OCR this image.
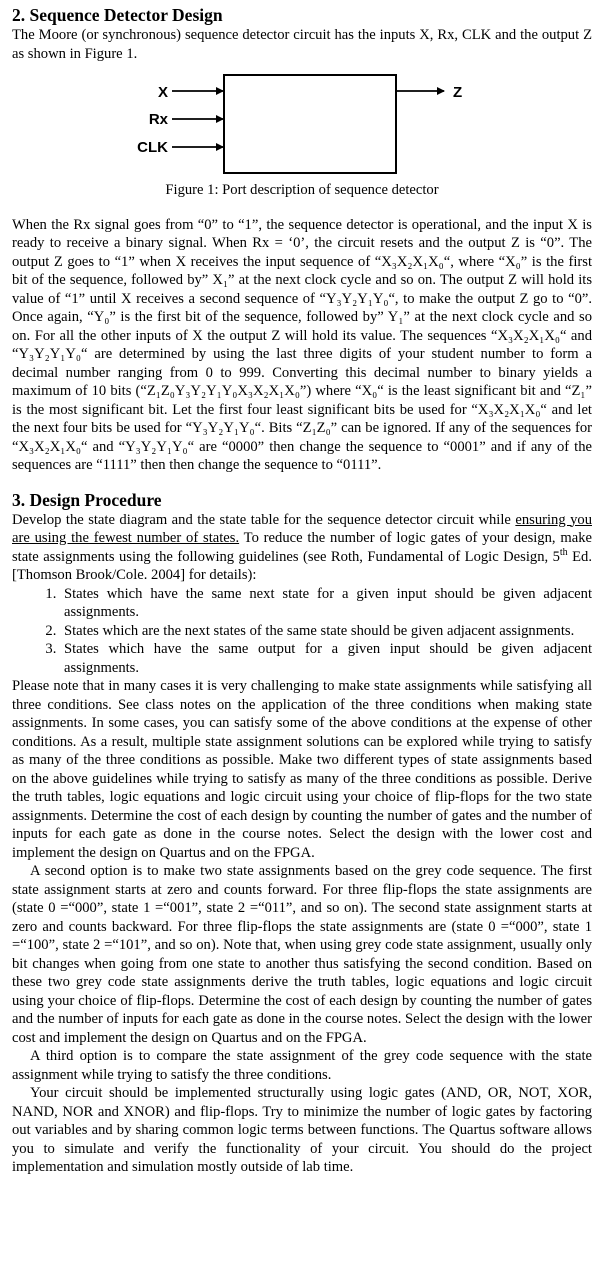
2. Sequence Detector Design

The Moore (or synchronous) sequence detector circuit has the inputs X, Rx, CLK and the output Z as shown in Figure 1.

X
Rx
CLK
Z

Figure 1: Port description of sequence detector

When the Rx signal goes from “0” to “1”, the sequence detector is operational, and the input X is ready to receive a binary signal. When Rx = ‘0’, the circuit resets and the output Z is “0”. The output Z goes to “1” when X receives the input sequence of “X₃X₂X₁X₀“, where “X₀” is the first bit of the sequence, followed by” X₁” at the next clock cycle and so on. The output Z will hold its value of “1” until X receives a second sequence of “Y₃Y₂Y₁Y₀“, to make the output Z go to “0”. Once again, “Y₀” is the first bit of the sequence, followed by” Y₁” at the next clock cycle and so on. For all the other inputs of X the output Z will hold its value. The sequences “X₃X₂X₁X₀“ and “Y₃Y₂Y₁Y₀“ are determined by using the last three digits of your student number to form a decimal number ranging from 0 to 999. Converting this decimal number to binary yields a maximum of 10 bits (“Z₁Z₀Y₃Y₂Y₁Y₀X₃X₂X₁X₀”) where “X₀“ is the least significant bit and “Z₁” is the most significant bit. Let the first four least significant bits be used for “X₃X₂X₁X₀“ and let the next four bits be used for “Y₃Y₂Y₁Y₀“. Bits “Z₁Z₀” can be ignored. If any of the sequences for “X₃X₂X₁X₀“ and “Y₃Y₂Y₁Y₀“ are “0000” then change the sequence to “0001” and if any of the sequences are “1111” then then change the sequence to “0111”.

3. Design Procedure

Develop the state diagram and the state table for the sequence detector circuit while ensuring you are using the fewest number of states. To reduce the number of logic gates of your design, make state assignments using the following guidelines (see Roth, Fundamental of Logic Design, 5th Ed. [Thomson Brook/Cole. 2004] for details):

1. States which have the same next state for a given input should be given adjacent assignments.
2. States which are the next states of the same state should be given adjacent assignments.
3. States which have the same output for a given input should be given adjacent assignments.

Please note that in many cases it is very challenging to make state assignments while satisfying all three conditions. See class notes on the application of the three conditions when making state assignments. In some cases, you can satisfy some of the above conditions at the expense of other conditions. As a result, multiple state assignment solutions can be explored while trying to satisfy as many of the three conditions as possible. Make two different types of state assignments based on the above guidelines while trying to satisfy as many of the three conditions as possible. Derive the truth tables, logic equations and logic circuit using your choice of flip-flops for the two state assignments. Determine the cost of each design by counting the number of gates and the number of inputs for each gate as done in the course notes. Select the design with the lower cost and implement the design on Quartus and on the FPGA.

A second option is to make two state assignments based on the grey code sequence. The first state assignment starts at zero and counts forward. For three flip-flops the state assignments are (state 0 =“000”, state 1 =“001”, state 2 =“011”, and so on). The second state assignment starts at zero and counts backward. For three flip-flops the state assignments are (state 0 =“000”, state 1 =“100”, state 2 =“101”, and so on). Note that, when using grey code state assignment, usually only bit changes when going from one state to another thus satisfying the second condition. Based on these two grey code state assignments derive the truth tables, logic equations and logic circuit using your choice of flip-flops. Determine the cost of each design by counting the number of gates and the number of inputs for each gate as done in the course notes. Select the design with the lower cost and implement the design on Quartus and on the FPGA.

A third option is to compare the state assignment of the grey code sequence with the state assignment while trying to satisfy the three conditions.

Your circuit should be implemented structurally using logic gates (AND, OR, NOT, XOR, NAND, NOR and XNOR) and flip-flops. Try to minimize the number of logic gates by factoring out variables and by sharing common logic terms between functions. The Quartus software allows you to simulate and verify the functionality of your circuit. You should do the project implementation and simulation mostly outside of lab time.
